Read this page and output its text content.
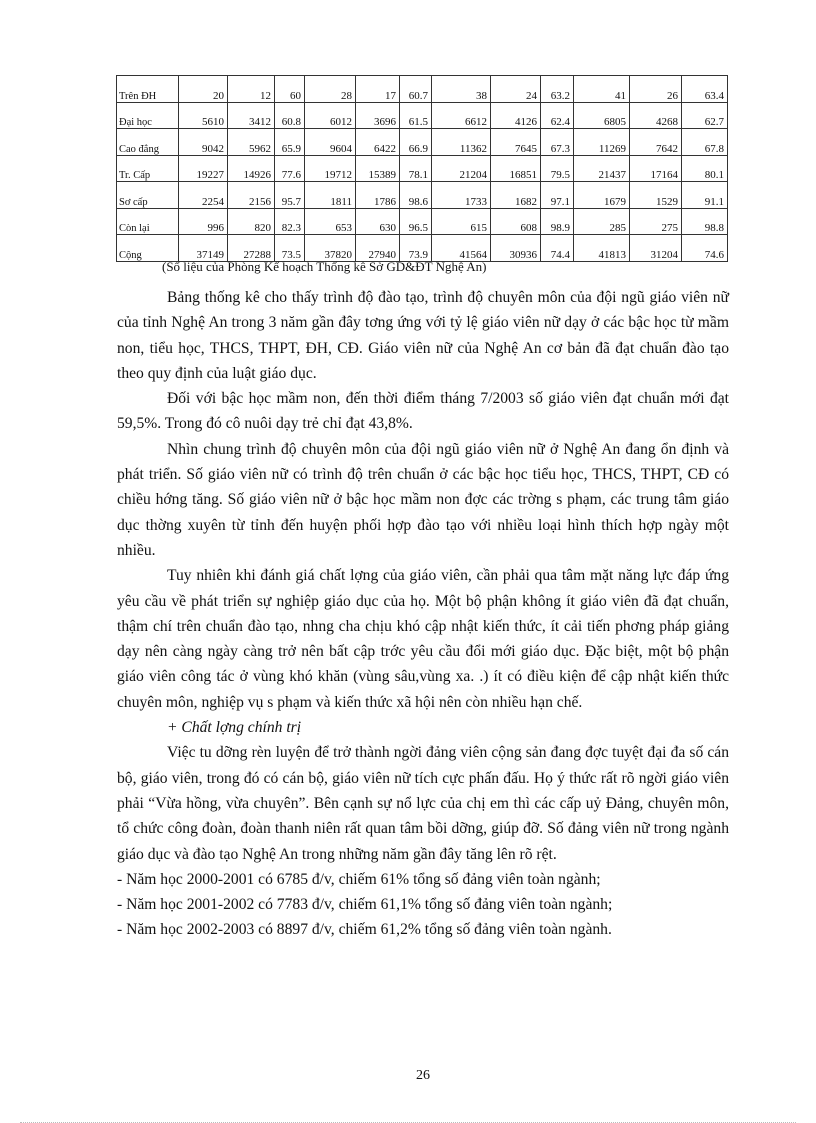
Trên ĐH	20	12	60	28	17	60.7	38	24	63.2	41	26	63.4
Đại học	5610	3412	60.8	6012	3696	61.5	6612	4126	62.4	6805	4268	62.7
Cao đẳng	9042	5962	65.9	9604	6422	66.9	11362	7645	67.3	11269	7642	67.8
Tr. Cấp	19227	14926	77.6	19712	15389	78.1	21204	16851	79.5	21437	17164	80.1
Sơ cấp	2254	2156	95.7	1811	1786	98.6	1733	1682	97.1	1679	1529	91.1
Còn lại	996	820	82.3	653	630	96.5	615	608	98.9	285	275	98.8
Cộng	37149	27288	73.5	37820	27940	73.9	41564	30936	74.4	41813	31204	74.6
(Số liệu của Phòng Kế hoạch Thống kê Sở GD&ĐT Nghệ An)

Bảng thống kê cho thấy trình độ đào tạo, trình độ chuyên môn của đội ngũ giáo viên nữ của tỉnh Nghệ An trong 3 năm gần đây tơng ứng với tỷ lệ giáo viên nữ dạy ở các bậc học từ mầm non, tiểu học, THCS, THPT, ĐH, CĐ. Giáo viên nữ của Nghệ An cơ bản đã đạt chuẩn đào tạo theo quy định của luật giáo dục.

Đối với bậc học mầm non, đến thời điểm tháng 7/2003 số giáo viên đạt chuẩn mới đạt 59,5%. Trong đó cô nuôi dạy trẻ chỉ đạt 43,8%.

Nhìn chung trình độ chuyên môn của đội ngũ giáo viên nữ ở Nghệ An đang ổn định và phát triển. Số giáo viên nữ có trình độ trên chuẩn ở các bậc học tiểu học, THCS, THPT, CĐ có chiều hớng tăng. Số giáo viên nữ ở bậc học mầm non đợc các trờng s phạm, các trung tâm giáo dục thờng xuyên từ tỉnh đến huyện phối hợp đào tạo với nhiều loại hình thích hợp ngày một nhiều.

Tuy nhiên khi đánh giá chất lợng của giáo viên, cần phải qua tâm mặt năng lực đáp ứng yêu cầu về phát triển sự nghiệp giáo dục của họ. Một bộ phận không ít giáo viên đã đạt chuẩn, thậm chí trên chuẩn đào tạo, nhng cha chịu khó cập nhật kiến thức, ít cải tiến phơng pháp giảng dạy nên càng ngày càng trở nên bất cập trớc yêu cầu đổi mới giáo dục. Đặc biệt, một bộ phận giáo viên công tác ở vùng khó khăn (vùng sâu,vùng xa. .) ít có điều kiện để cập nhật kiến thức chuyên môn, nghiệp vụ s phạm và kiến thức xã hội nên còn nhiều hạn chế.

+ Chất lợng chính trị

Việc tu dỡng rèn luyện để trở thành ngời đảng viên cộng sản đang đợc tuyệt đại đa số cán bộ, giáo viên, trong đó có cán bộ, giáo viên nữ tích cực phấn đấu. Họ ý thức rất rõ ngời giáo viên phải “Vừa hồng, vừa chuyên”. Bên cạnh sự nổ lực của chị em thì các cấp uỷ Đảng, chuyên môn, tổ chức công đoàn, đoàn thanh niên rất quan tâm bồi dỡng, giúp đỡ. Số đảng viên nữ trong ngành giáo dục và đào tạo Nghệ An trong những năm gần đây tăng lên rõ rệt.

- Năm học 2000-2001 có 6785 đ/v, chiếm 61% tổng số đảng viên toàn ngành;
- Năm học 2001-2002 có 7783 đ/v, chiếm 61,1% tổng số đảng viên toàn ngành;
- Năm học 2002-2003 có 8897 đ/v, chiếm 61,2% tổng số đảng viên toàn ngành.
26
